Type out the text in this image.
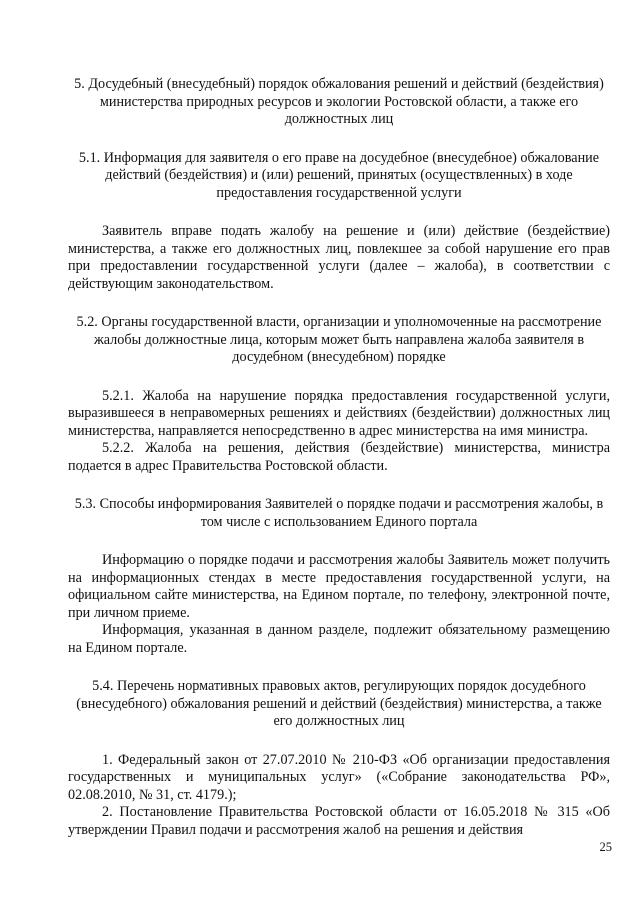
5. Досудебный (внесудебный) порядок обжалования решений и действий (бездействия) министерства природных ресурсов и экологии Ростовской области, а также его должностных лиц
5.1. Информация для заявителя о его праве на досудебное (внесудебное) обжалование действий (бездействия) и (или) решений, принятых (осуществленных) в ходе предоставления государственной услуги

Заявитель вправе подать жалобу на решение и (или) действие (бездействие) министерства, а также его должностных лиц, повлекшее за собой нарушение его прав при предоставлении государственной услуги (далее – жалоба), в соответствии с действующим законодательством.

5.2. Органы государственной власти, организации и уполномоченные на рассмотрение жалобы должностные лица, которым может быть направлена жалоба заявителя в досудебном (внесудебном) порядке

5.2.1. Жалоба на нарушение порядка предоставления государственной услуги, выразившееся в неправомерных решениях и действиях (бездействии) должностных лиц министерства, направляется непосредственно в адрес министерства на имя министра.

5.2.2. Жалоба на решения, действия (бездействие) министерства, министра подается в адрес Правительства Ростовской области.

5.3. Способы информирования Заявителей о порядке подачи и рассмотрения жалобы, в том числе с использованием Единого портала

Информацию о порядке подачи и рассмотрения жалобы Заявитель может получить на информационных стендах в месте предоставления государственной услуги, на официальном сайте министерства, на Едином портале, по телефону, электронной почте, при личном приеме.

Информация, указанная в данном разделе, подлежит обязательному размещению на Едином портале.

5.4. Перечень нормативных правовых актов, регулирующих порядок досудебного (внесудебного) обжалования решений и действий (бездействия) министерства, а также его должностных лиц

1. Федеральный закон от 27.07.2010 № 210-ФЗ «Об организации предоставления государственных и муниципальных услуг» («Собрание законодательства РФ», 02.08.2010, № 31, ст. 4179.);

2. Постановление Правительства Ростовской области от 16.05.2018 № 315 «Об утверждении Правил подачи и рассмотрения жалоб на решения и действия

25
